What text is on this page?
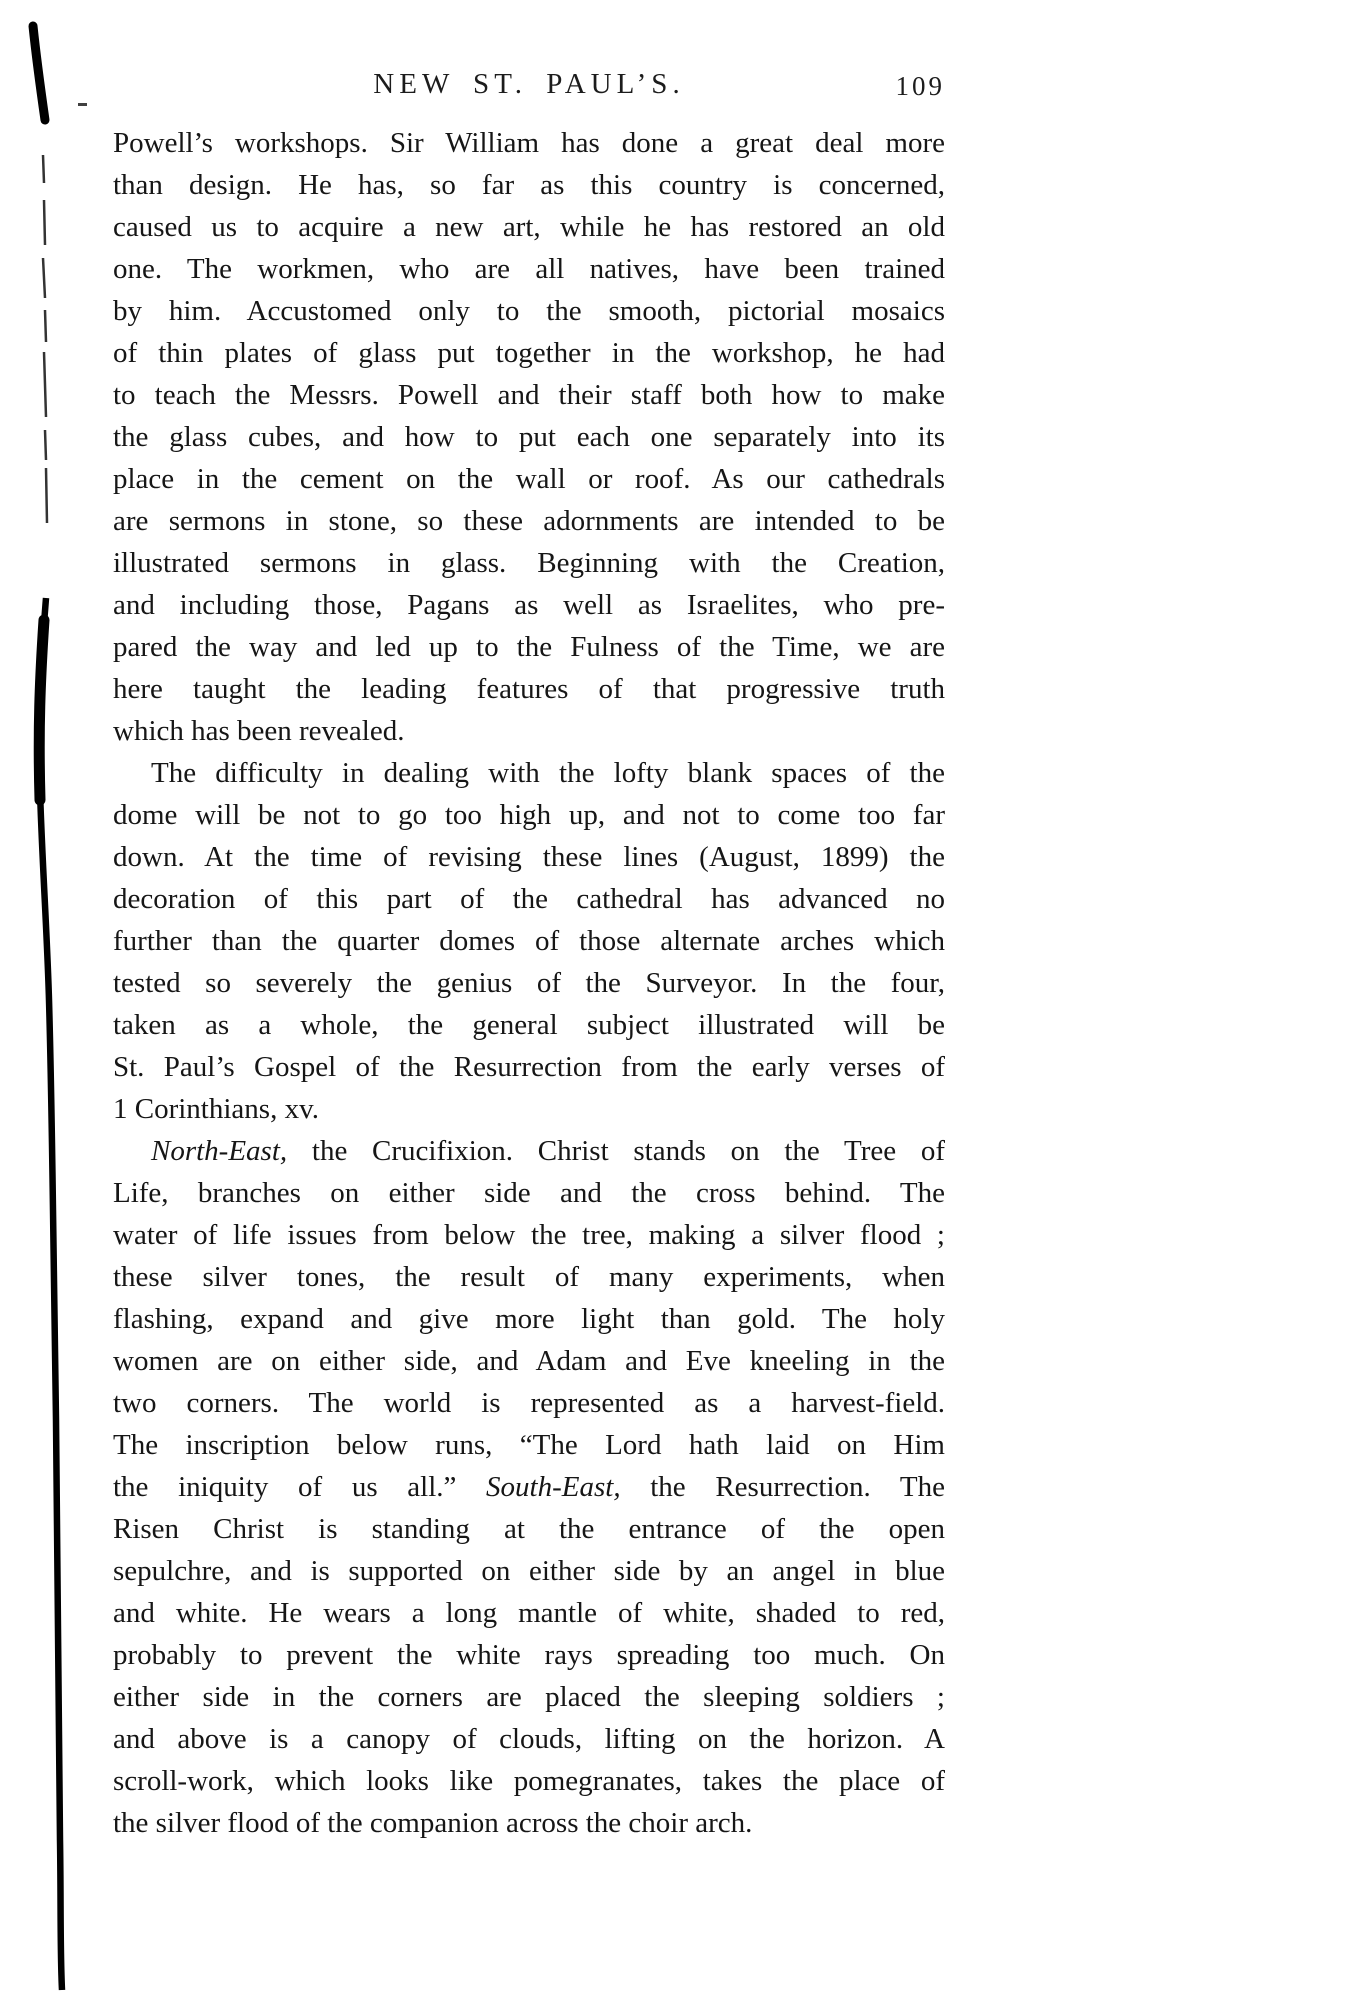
NEW ST. PAUL’S.	109
Powell’s workshops. Sir William has done a great deal more
than design. He has, so far as this country is concerned,
caused us to acquire a new art, while he has restored an old
one. The workmen, who are all natives, have been trained
by him. Accustomed only to the smooth, pictorial mosaics
of thin plates of glass put together in the workshop, he had
to teach the Messrs. Powell and their staff both how to make
the glass cubes, and how to put each one separately into its
place in the cement on the wall or roof. As our cathedrals
are sermons in stone, so these adornments are intended to be
illustrated sermons in glass. Beginning with the Creation,
and including those, Pagans as well as Israelites, who pre-
pared the way and led up to the Fulness of the Time, we are
here taught the leading features of that progressive truth
which has been revealed.
The difficulty in dealing with the lofty blank spaces of the
dome will be not to go too high up, and not to come too far
down. At the time of revising these lines (August, 1899) the
decoration of this part of the cathedral has advanced no
further than the quarter domes of those alternate arches which
tested so severely the genius of the Surveyor. In the four,
taken as a whole, the general subject illustrated will be
St. Paul’s Gospel of the Resurrection from the early verses of
1 Corinthians, xv.
North-East, the Crucifixion. Christ stands on the Tree of
Life, branches on either side and the cross behind. The
water of life issues from below the tree, making a silver flood ;
these silver tones, the result of many experiments, when
flashing, expand and give more light than gold. The holy
women are on either side, and Adam and Eve kneeling in the
two corners. The world is represented as a harvest-field.
The inscription below runs, “The Lord hath laid on Him
the iniquity of us all.” South-East, the Resurrection. The
Risen Christ is standing at the entrance of the open
sepulchre, and is supported on either side by an angel in blue
and white. He wears a long mantle of white, shaded to red,
probably to prevent the white rays spreading too much. On
either side in the corners are placed the sleeping soldiers ;
and above is a canopy of clouds, lifting on the horizon. A
scroll-work, which looks like pomegranates, takes the place of
the silver flood of the companion across the choir arch.
